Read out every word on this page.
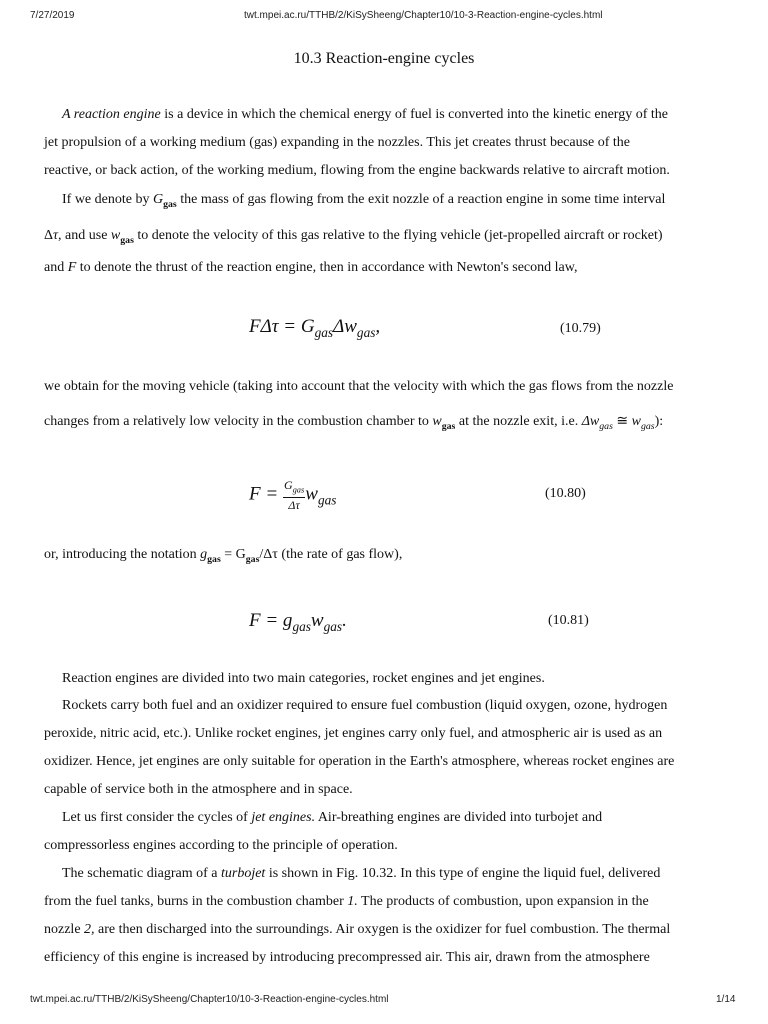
7/27/2019	twt.mpei.ac.ru/TTHB/2/KiSySheeng/Chapter10/10-3-Reaction-engine-cycles.html
10.3 Reaction-engine cycles
A reaction engine is a device in which the chemical energy of fuel is converted into the kinetic energy of the
jet propulsion of a working medium (gas) expanding in the nozzles. This jet creates thrust because of the
reactive, or back action, of the working medium, flowing from the engine backwards relative to aircraft motion.
If we denote by $G_{gas}$ the mass of gas flowing from the exit nozzle of a reaction engine in some time interval
Δτ, and use $w_{gas}$ to denote the velocity of this gas relative to the flying vehicle (jet-propelled aircraft or rocket)
and F to denote the thrust of the reaction engine, then in accordance with Newton's second law,
$F\Delta\tau = G_{gas}\Delta w_{gas}$,	(10.79)
we obtain for the moving vehicle (taking into account that the velocity with which the gas flows from the nozzle
changes from a relatively low velocity in the combustion chamber to $w_{gas}$ at the nozzle exit, i.e. $\Delta w_{gas}$ ≅ $w_{gas}$):
$F = \frac{G_{gas}}{\Delta\tau} w_{gas}$	(10.80)
or, introducing the notation $g_{gas} = G_{gas}/\Delta\tau$ (the rate of gas flow),
$F = g_{gas}w_{gas}$.	(10.81)
Reaction engines are divided into two main categories, rocket engines and jet engines.
Rockets carry both fuel and an oxidizer required to ensure fuel combustion (liquid oxygen, ozone, hydrogen
peroxide, nitric acid, etc.). Unlike rocket engines, jet engines carry only fuel, and atmospheric air is used as an
oxidizer. Hence, jet engines are only suitable for operation in the Earth's atmosphere, whereas rocket engines are
capable of service both in the atmosphere and in space.
Let us first consider the cycles of jet engines. Air-breathing engines are divided into turbojet and
compressorless engines according to the principle of operation.
The schematic diagram of a turbojet is shown in Fig. 10.32. In this type of engine the liquid fuel, delivered
from the fuel tanks, burns in the combustion chamber 1. The products of combustion, upon expansion in the
nozzle 2, are then discharged into the surroundings. Air oxygen is the oxidizer for fuel combustion. The thermal
efficiency of this engine is increased by introducing precompressed air. This air, drawn from the atmosphere
twt.mpei.ac.ru/TTHB/2/KiSySheeng/Chapter10/10-3-Reaction-engine-cycles.html	1/14
